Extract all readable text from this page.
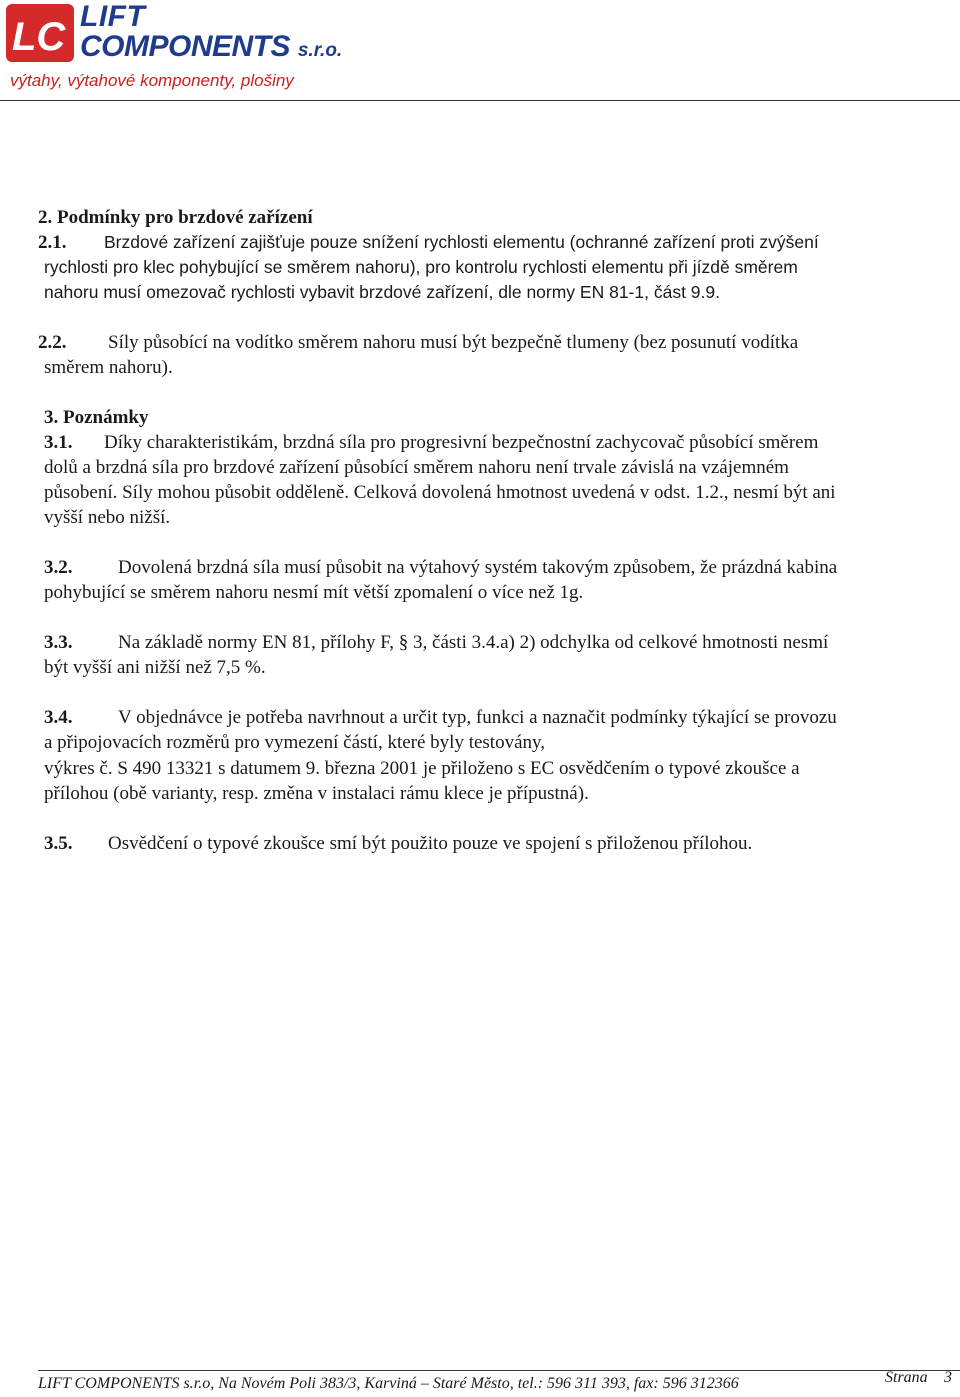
LC LIFT
COMPONENTS s.r.o.
výtahy, výtahové komponenty, plošiny
2. Podmínky pro brzdové zařízení
2.1. Brzdové zařízení zajišťuje pouze snížení rychlosti elementu (ochranné zařízení proti zvýšení
rychlosti pro klec pohybující se směrem nahoru), pro kontrolu rychlosti elementu při jízdě směrem
nahoru musí omezovač rychlosti vybavit brzdové zařízení, dle normy EN 81-1, část 9.9.
2.2. Síly působící na vodítko směrem nahoru musí být bezpečně tlumeny (bez posunutí vodítka
směrem nahoru).
3. Poznámky
3.1. Díky charakteristikám, brzdná síla pro progresivní bezpečnostní zachycovač působící směrem
dolů a brzdná síla pro brzdové zařízení působící směrem nahoru není trvale závislá na vzájemném
působení. Síly mohou působit odděleně. Celková dovolená hmotnost uvedená v odst. 1.2., nesmí být ani
vyšší nebo nižší.
3.2. Dovolená brzdná síla musí působit na výtahový systém takovým způsobem, že prázdná kabina
pohybující se směrem nahoru nesmí mít větší zpomalení o více než 1g.
3.3. Na základě normy EN 81, přílohy F, § 3, části 3.4.a) 2) odchylka od celkové hmotnosti nesmí
být vyšší ani nižší než 7,5 %.
3.4. V objednávce je potřeba navrhnout a určit typ, funkci a naznačit podmínky týkající se provozu
a připojovacích rozměrů pro vymezení částí, které byly testovány,
výkres č. S 490 13321 s datumem 9. března 2001 je přiloženo s EC osvědčením o typové zkoušce a
přílohou (obě varianty, resp. změna v instalaci rámu klece je přípustná).
3.5. Osvědčení o typové zkoušce smí být použito pouze ve spojení s přiloženou přílohou.
LIFT COMPONENTS s.r.o, Na Novém Poli 383/3, Karviná – Staré Město, tel.: 596 311 393, fax: 596 312366	Strana 3
